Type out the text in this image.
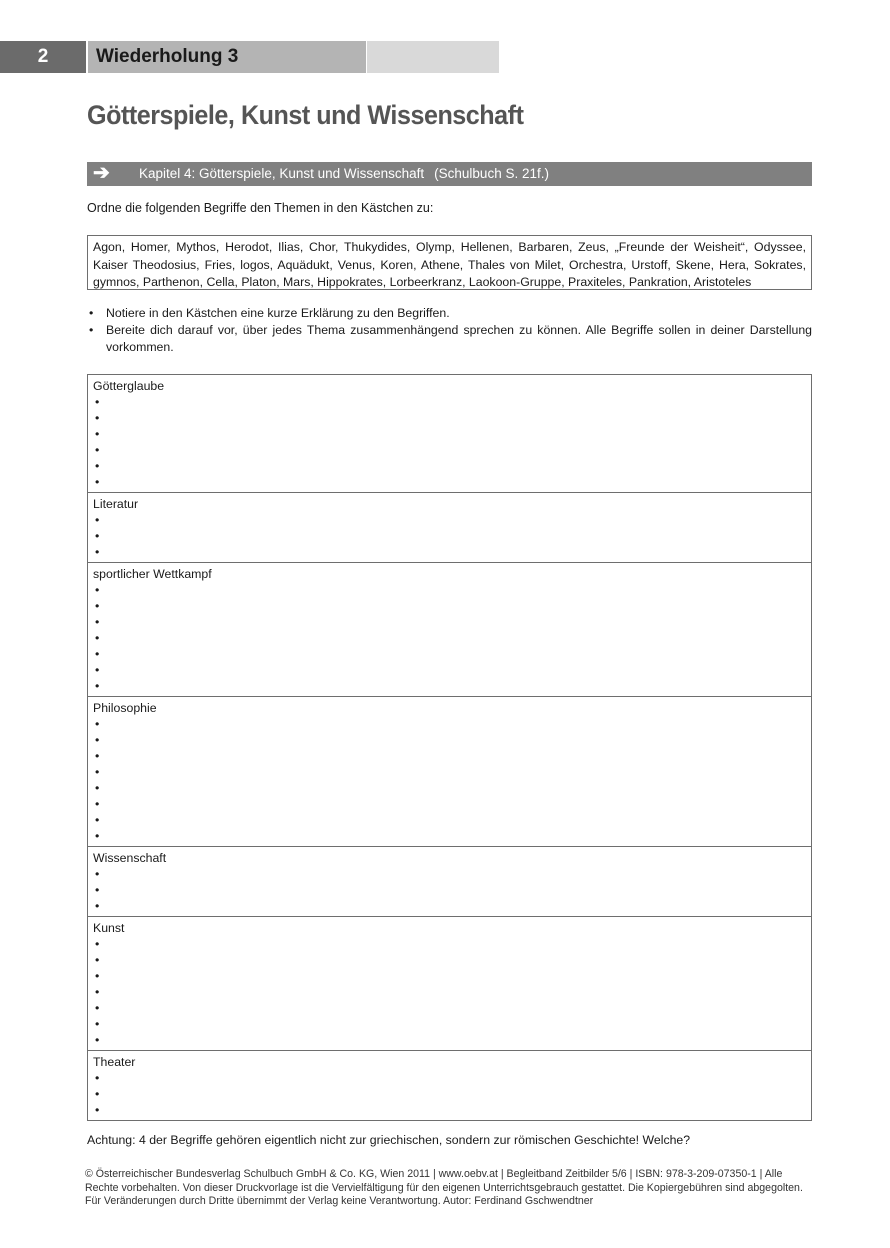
2	Wiederholung 3
Götterspiele, Kunst und Wissenschaft
➔ Kapitel 4: Götterspiele, Kunst und Wissenschaft (Schulbuch S. 21f.)
Ordne die folgenden Begriffe den Themen in den Kästchen zu:
Agon, Homer, Mythos, Herodot, Ilias, Chor, Thukydides, Olymp, Hellenen, Barbaren, Zeus, „Freunde der Weisheit“, Odyssee, Kaiser Theodosius, Fries, logos, Aquädukt, Venus, Koren, Athene, Thales von Milet, Orchestra, Urstoff, Skene, Hera, Sokrates, gymnos, Parthenon, Cella, Platon, Mars, Hippokrates, Lorbeerkranz, Laokoon-Gruppe, Praxiteles, Pankration, Aristoteles
• Notiere in den Kästchen eine kurze Erklärung zu den Begriffen.
• Bereite dich darauf vor, über jedes Thema zusammenhängend sprechen zu können. Alle Begriffe sollen in deiner Darstellung vorkommen.
Götterglaube
•
•
•
•
•
•
Literatur
•
•
•
sportlicher Wettkampf
•
•
•
•
•
•
•
Philosophie
•
•
•
•
•
•
•
•
Wissenschaft
•
•
•
Kunst
•
•
•
•
•
•
•
Theater
•
•
•
Achtung: 4 der Begriffe gehören eigentlich nicht zur griechischen, sondern zur römischen Geschichte! Welche?
© Österreichischer Bundesverlag Schulbuch GmbH & Co. KG, Wien 2011 | www.oebv.at | Begleitband Zeitbilder 5/6 | ISBN: 978-3-209-07350-1 | Alle
Rechte vorbehalten. Von dieser Druckvorlage ist die Vervielfältigung für den eigenen Unterrichtsgebrauch gestattet. Die Kopiergebühren sind abgegolten.
Für Veränderungen durch Dritte übernimmt der Verlag keine Verantwortung. Autor: Ferdinand Gschwendtner
